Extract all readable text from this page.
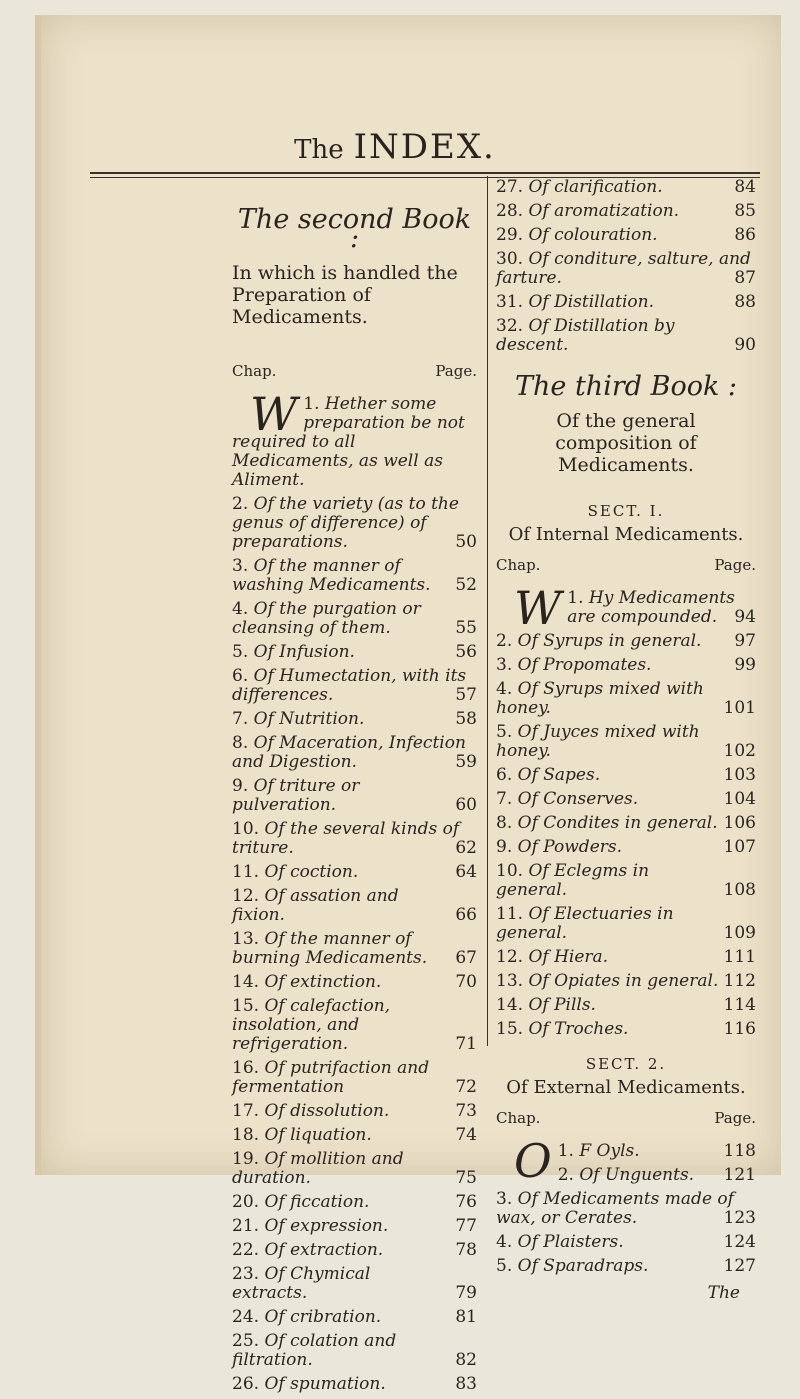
The INDEX.
The second Book :
In which is handled the Preparation of Medicaments.
Chap.	Page.
1.
W Hether some preparation be not required to all Medicaments, as well as Aliment.
2. Of the variety (as to the genus of difference) of preparations.	50
3. Of the manner of washing Medicaments. 52
4. Of the purgation or cleansing of them.	55
5. Of Infusion.	56
6. Of Humectation, with its differences.	57
7. Of Nutrition.	58
8. Of Maceration, Infection and Digestion.	59
9. Of triture or pulveration.	60
10. Of the several kinds of triture.	62
11. Of coction.	64
12. Of assation and fixion.	66
13. Of the manner of burning Medicaments. 67
14. Of extinction.	70
15. Of calefaction, insolation, and refrigeration.	71
16. Of putrifaction and fermentation	72
17. Of dissolution.	73
18. Of liquation.	74
19. Of mollition and duration.	75
20. Of ficcation.	76
21. Of expression.	77
22. Of extraction.	78
23. Of Chymical extracts.	79
24. Of cribration.	81
25. Of colation and filtration.	82
26. Of spumation.	83
27. Of clarification.	84
28. Of aromatization.	85
29. Of colouration.	86
30. Of conditure, salture, and farture.	87
31. Of Distillation.	88
32. Of Distillation by descent.	90
The third Book :
Of the general composition of Medicaments.
SECT. I.
Of Internal Medicaments.
Chap.	Page.
1.
W Hy Medicaments are compounded. 94
2. Of Syrups in general. 97
3. Of Propomates.	99
4. Of Syrups mixed with honey.	101
5. Of Juyces mixed with honey.	102
6. Of Sapes.	103
7. Of Conserves.	104
8. Of Condites in general. 106
9. Of Powders.	107
10. Of Eclegms in general.	108
11. Of Electuaries in general.	109
12. Of Hiera.	111
13. Of Opiates in general. 112
14. Of Pills.	114
15. Of Troches.	116
SECT. 2.
Of External Medicaments.
Chap.	Page.
1.
O F Oyls.	118
2. Of Unguents. 121
3. Of Medicaments made of wax, or Cerates.	123
4. Of Plaisters.	124
5. Of Sparadraps.	127
The
